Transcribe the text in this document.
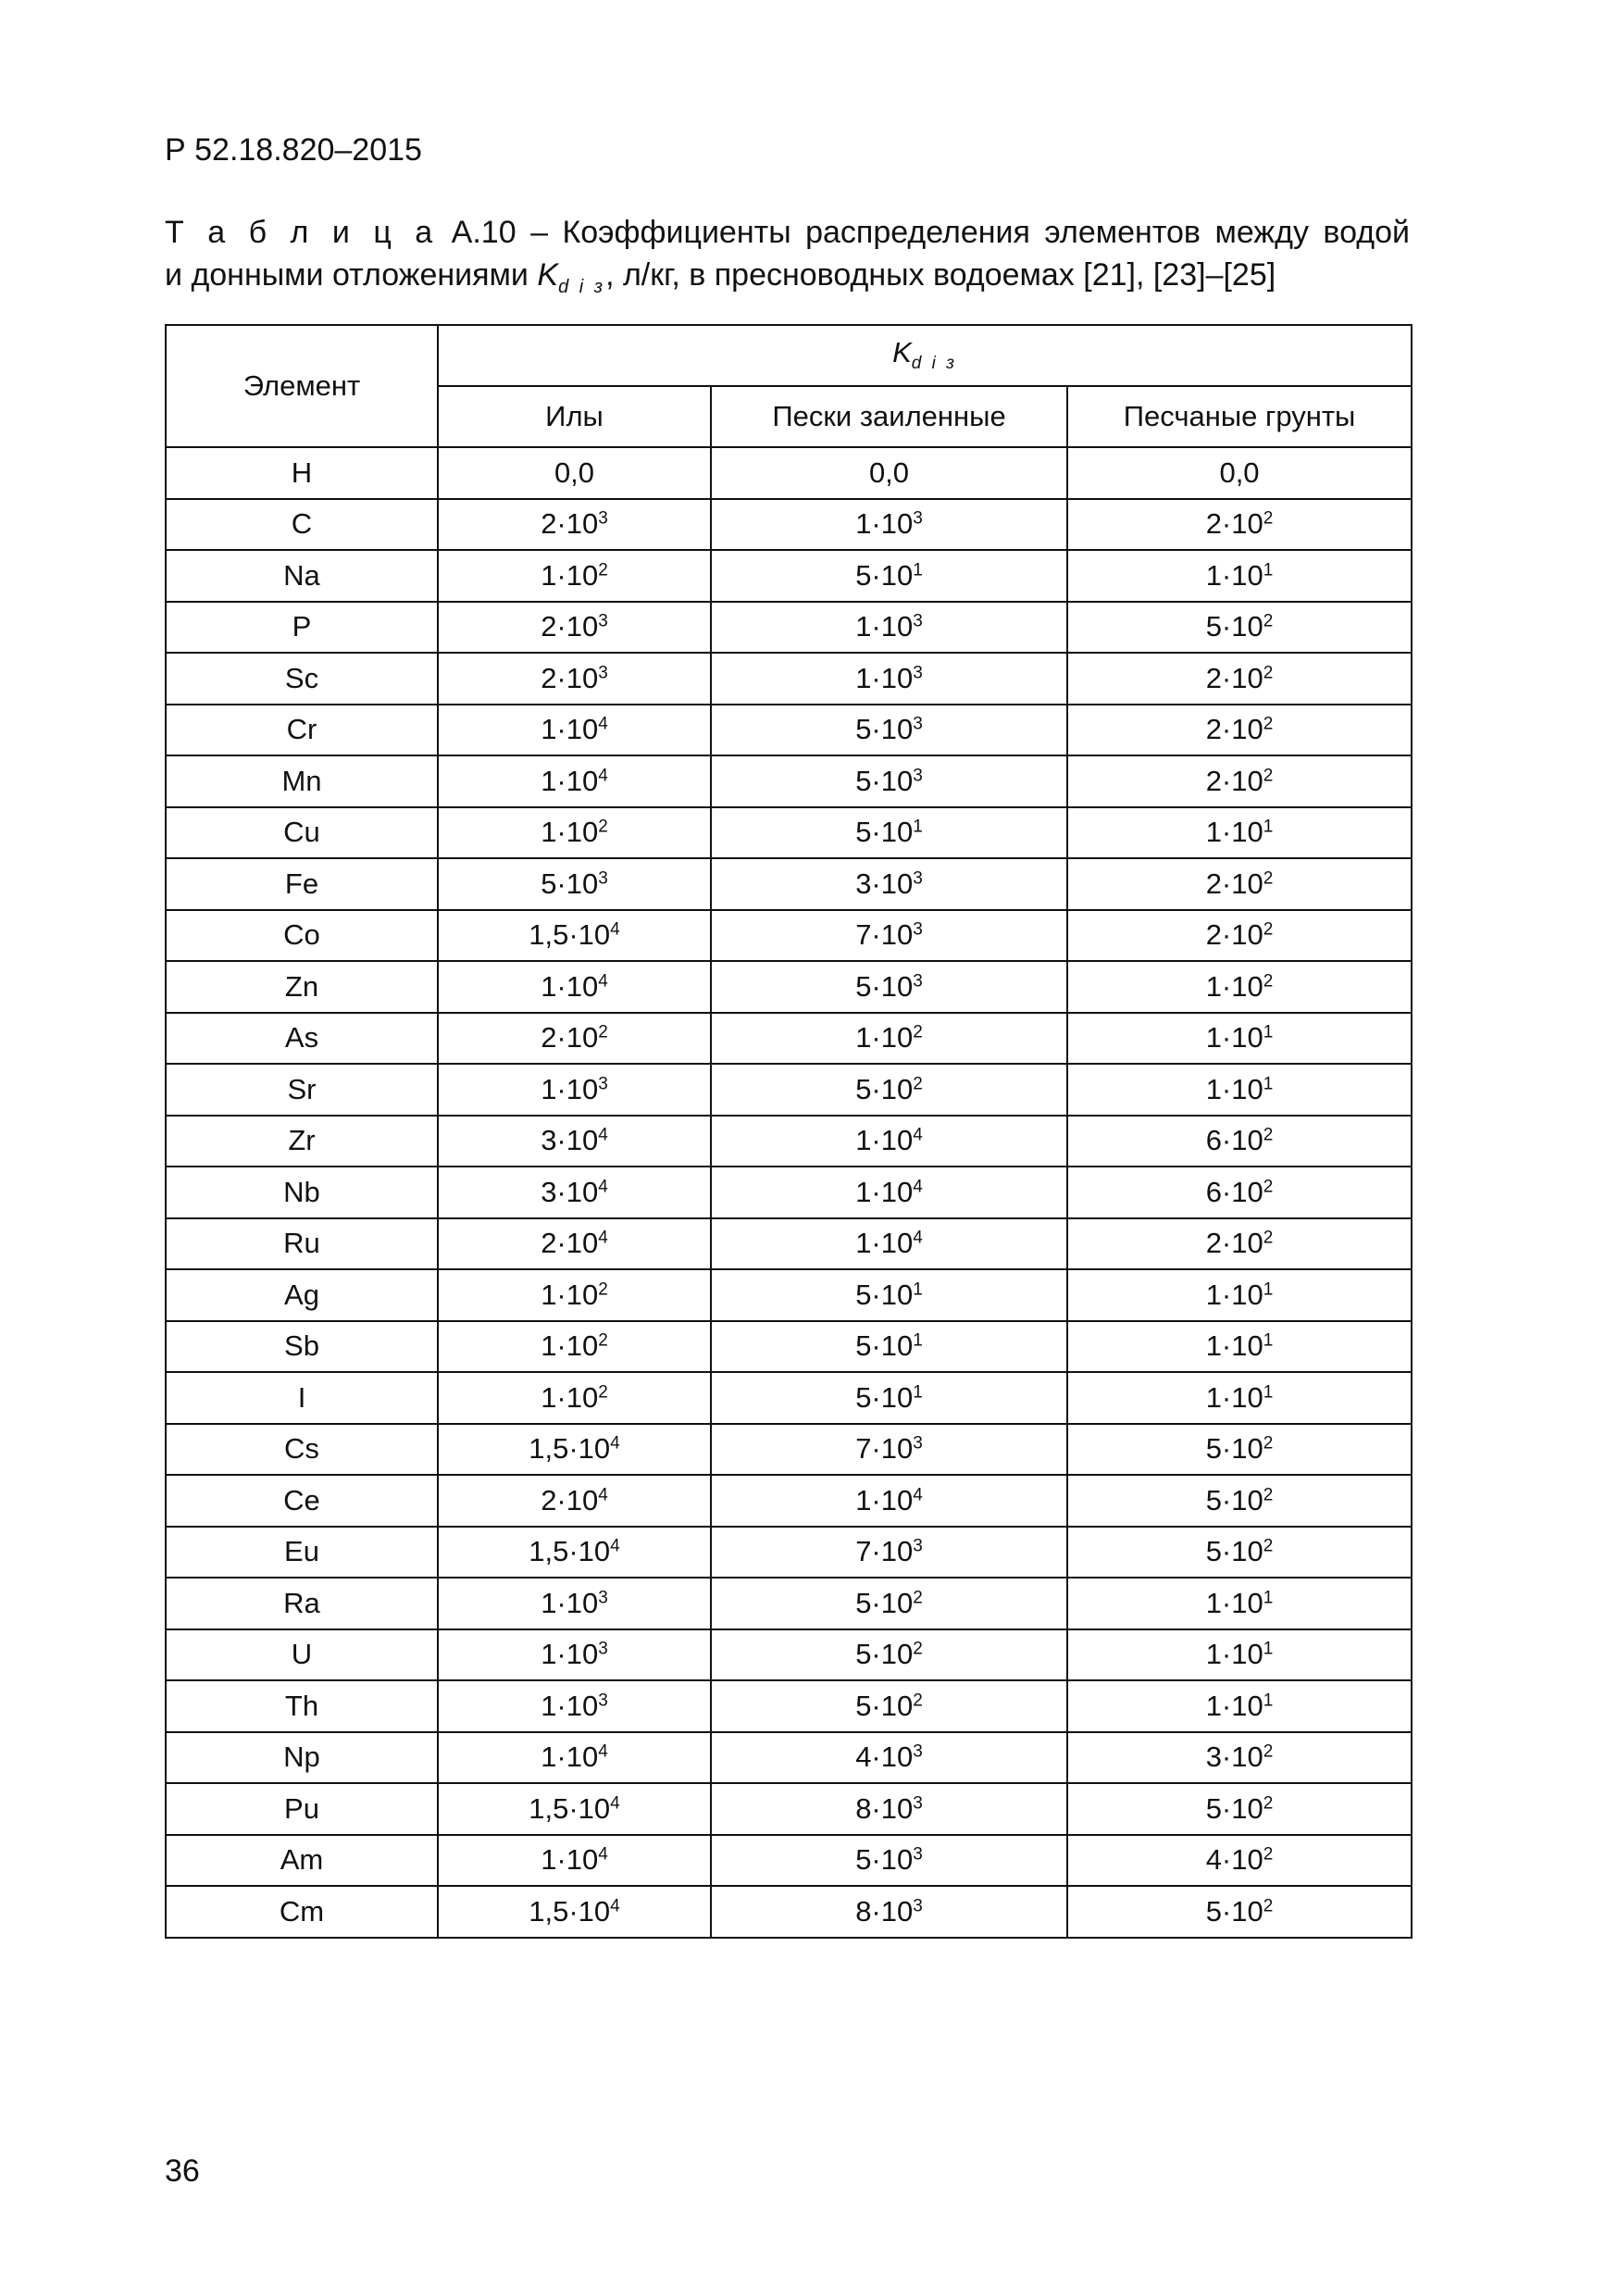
Р 52.18.820–2015
Т а б л и ц а А.10 – Коэффициенты распределения элементов между водой
и донными отложениями $K_{d i з}$, л/кг, в пресноводных водоемах [21], [23]–[25]
Элемент	$K_{d i з}$
	Илы	Пески заиленные	Песчаные грунты
H	0,0	0,0	0,0
C	$2\cdot 10^3$	$1\cdot 10^3$	$2\cdot 10^2$
Na	$1\cdot 10^2$	$5\cdot 10^1$	$1\cdot 10^1$
P	$2\cdot 10^3$	$1\cdot 10^3$	$5\cdot 10^2$
Sc	$2\cdot 10^3$	$1\cdot 10^3$	$2\cdot 10^2$
Cr	$1\cdot 10^4$	$5\cdot 10^3$	$2\cdot 10^2$
Mn	$1\cdot 10^4$	$5\cdot 10^3$	$2\cdot 10^2$
Cu	$1\cdot 10^2$	$5\cdot 10^1$	$1\cdot 10^1$
Fe	$5\cdot 10^3$	$3\cdot 10^3$	$2\cdot 10^2$
Co	$1,5\cdot 10^4$	$7\cdot 10^3$	$2\cdot 10^2$
Zn	$1\cdot 10^4$	$5\cdot 10^3$	$1\cdot 10^2$
As	$2\cdot 10^2$	$1\cdot 10^2$	$1\cdot 10^1$
Sr	$1\cdot 10^3$	$5\cdot 10^2$	$1\cdot 10^1$
Zr	$3\cdot 10^4$	$1\cdot 10^4$	$6\cdot 10^2$
Nb	$3\cdot 10^4$	$1\cdot 10^4$	$6\cdot 10^2$
Ru	$2\cdot 10^4$	$1\cdot 10^4$	$2\cdot 10^2$
Ag	$1\cdot 10^2$	$5\cdot 10^1$	$1\cdot 10^1$
Sb	$1\cdot 10^2$	$5\cdot 10^1$	$1\cdot 10^1$
I	$1\cdot 10^2$	$5\cdot 10^1$	$1\cdot 10^1$
Cs	$1,5\cdot 10^4$	$7\cdot 10^3$	$5\cdot 10^2$
Ce	$2\cdot 10^4$	$1\cdot 10^4$	$5\cdot 10^2$
Eu	$1,5\cdot 10^4$	$7\cdot 10^3$	$5\cdot 10^2$
Ra	$1\cdot 10^3$	$5\cdot 10^2$	$1\cdot 10^1$
U	$1\cdot 10^3$	$5\cdot 10^2$	$1\cdot 10^1$
Th	$1\cdot 10^3$	$5\cdot 10^2$	$1\cdot 10^1$
Np	$1\cdot 10^4$	$4\cdot 10^3$	$3\cdot 10^2$
Pu	$1,5\cdot 10^4$	$8\cdot 10^3$	$5\cdot 10^2$
Am	$1\cdot 10^4$	$5\cdot 10^3$	$4\cdot 10^2$
Cm	$1,5\cdot 10^4$	$8\cdot 10^3$	$5\cdot 10^2$
36
